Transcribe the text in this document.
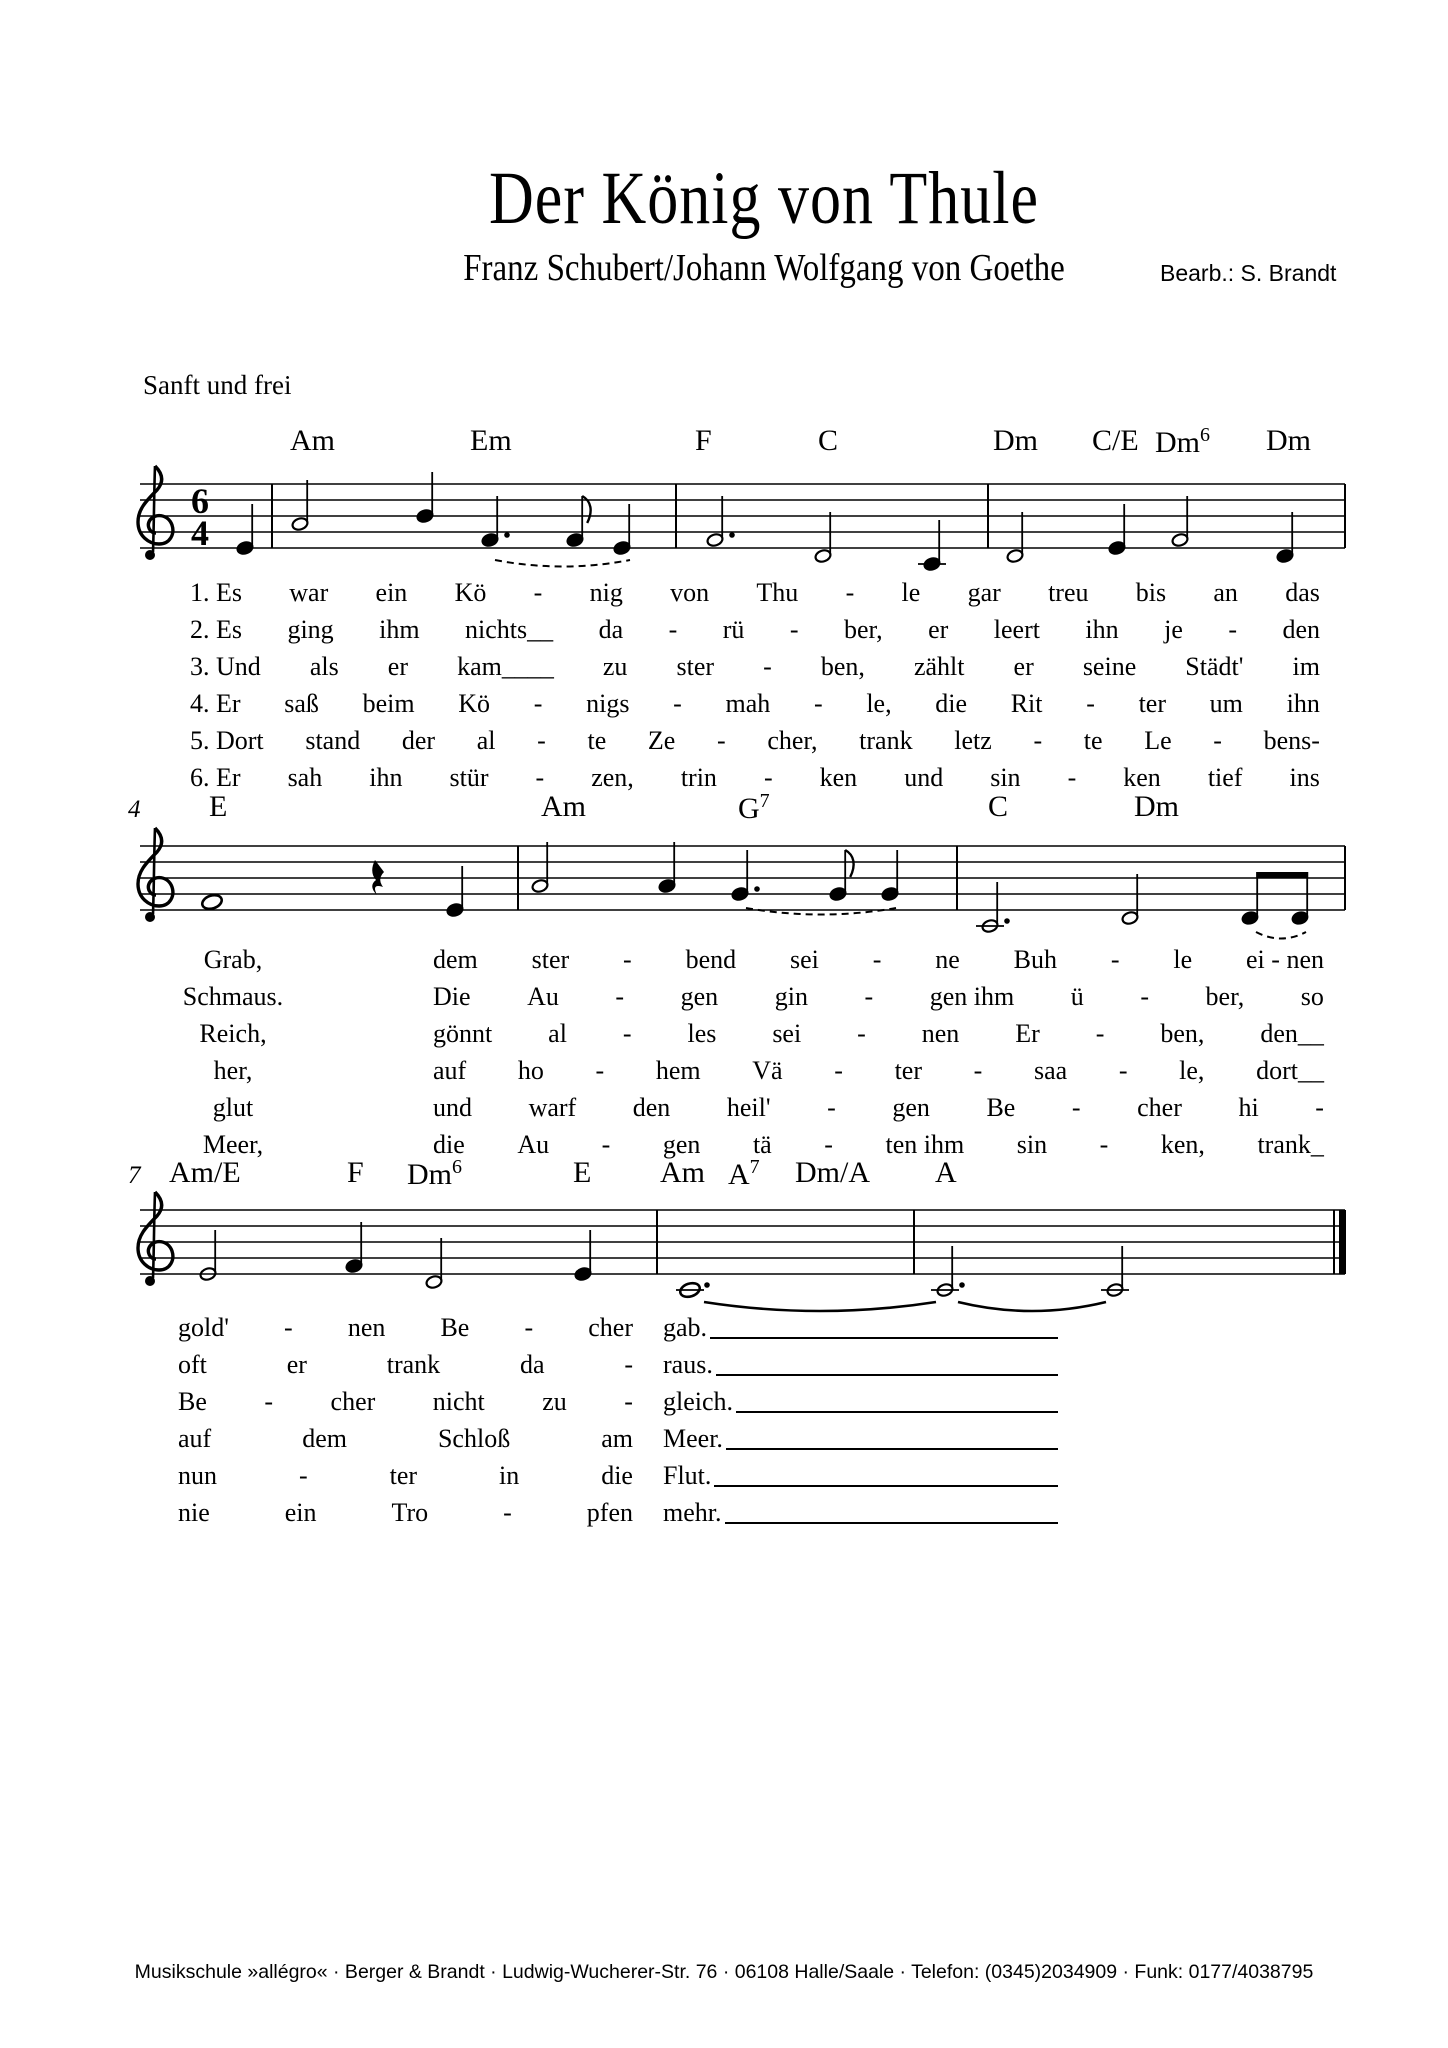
Der König von Thule
Franz Schubert/Johann Wolfgang von Goethe	Bearb.: S. Brandt
Sanft und frei
Am	Em	F	C	Dm C/E Dm$^6$ Dm
E	Am	$G^7$	C	Dm
Am/E	F Dm$^6$	E Am $A^7$ Dm/A A
4
7
6
4
1. Es war ein Kö - nig von Thu - le gar treu bis an das
2. Es ging ihm nichts__ da - rü - ber, er leert ihn je - den
3. Und als er kam____ zu ster - ben, zählt er seine Städt' im
4. Er saß beim Kö - nigs - mah - le, die Rit - ter um ihn
5. Dort stand der al - te Ze - cher, trank letz - te Le - bens-
6. Er sah ihn stür - zen, trin - ken und sin - ken tief ins
Grab,	dem ster - bend sei - ne Buh - le ei - nen
Schmaus.	Die Au - gen gin - gen ihm ü - ber, so
Reich,	gönnt al - les sei - nen Er - ben, den__
her,	auf ho - hem Vä - ter - saa - le, dort__
glut	und warf den heil' - gen Be - cher hi -
Meer,	die Au - gen tä - ten ihm sin - ken, trank_
gold' - nen Be - cher gab.
oft	er	trank	da	- raus.
Be - cher nicht zu - gleich.
auf	dem	Schloß	am Meer.
nun	-	ter	in	die Flut.
nie	ein	Tro	-	pfen mehr.
Musikschule »allégro« · Berger & Brandt · Ludwig-Wucherer-Str. 76 · 06108 Halle/Saale · Telefon: (0345)2034909 · Funk: 0177/4038795
